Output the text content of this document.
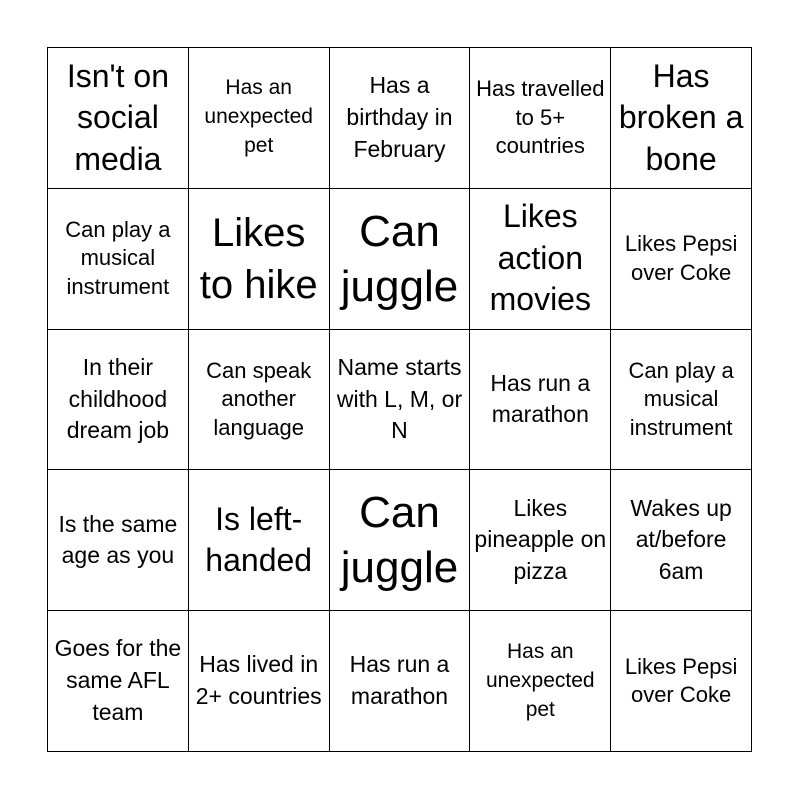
Isn't on social media
Has an unexpected pet
Has a birthday in February
Has travelled to 5+ countries
Has broken a bone
Can play a musical instrument
Likes to hike
Can juggle
Likes action movies
Likes Pepsi over Coke
In their childhood dream job
Can speak another language
Name starts with L, M, or N
Has run a marathon
Can play a musical instrument
Is the same age as you
Is left-handed
Can juggle
Likes pineapple on pizza
Wakes up at/before 6am
Goes for the same AFL team
Has lived in 2+ countries
Has run a marathon
Has an unexpected pet
Likes Pepsi over Coke
